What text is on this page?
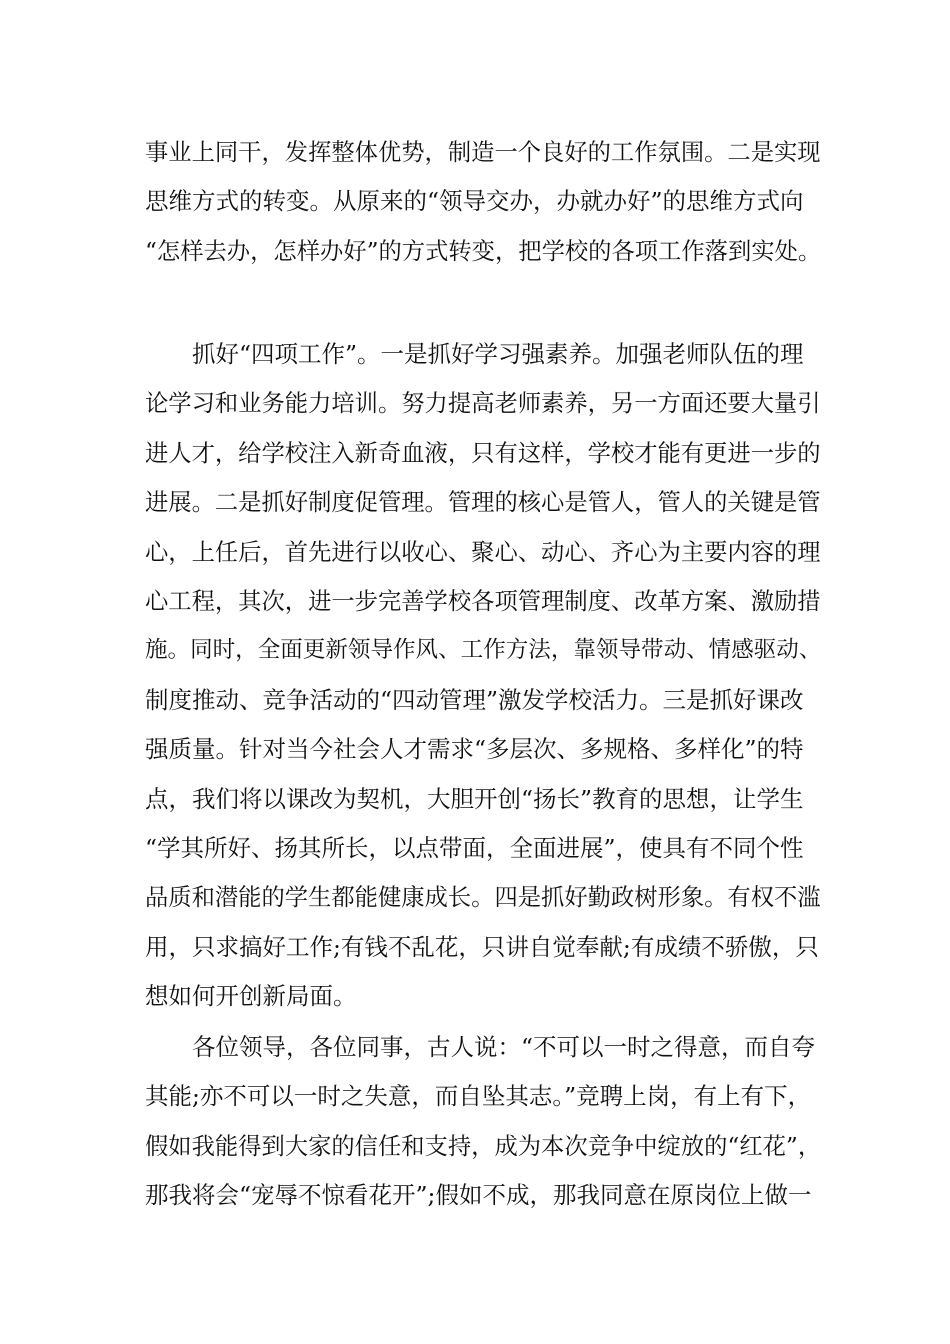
事业上同干，发挥整体优势，制造一个良好的工作氛围。二是实现
思维方式的转变。从原来的“领导交办，办就办好”的思维方式向
“怎样去办，怎样办好”的方式转变，把学校的各项工作落到实处。
抓好“四项工作”。一是抓好学习强素养。加强老师队伍的理
论学习和业务能力培训。努力提高老师素养，另一方面还要大量引
进人才，给学校注入新奇血液，只有这样，学校才能有更进一步的
进展。二是抓好制度促管理。管理的核心是管人，管人的关键是管
心，上任后，首先进行以收心、聚心、动心、齐心为主要内容的理
心工程，其次，进一步完善学校各项管理制度、改革方案、激励措
施。同时，全面更新领导作风、工作方法，靠领导带动、情感驱动、
制度推动、竞争活动的“四动管理”激发学校活力。三是抓好课改
强质量。针对当今社会人才需求“多层次、多规格、多样化”的特
点，我们将以课改为契机，大胆开创“扬长”教育的思想，让学生
“学其所好、扬其所长，以点带面，全面进展”，使具有不同个性
品质和潜能的学生都能健康成长。四是抓好勤政树形象。有权不滥
用，只求搞好工作;有钱不乱花，只讲自觉奉献;有成绩不骄傲，只
想如何开创新局面。
各位领导，各位同事，古人说：“不可以一时之得意，而自夸
其能;亦不可以一时之失意，而自坠其志。”竞聘上岗，有上有下，
假如我能得到大家的信任和支持，成为本次竞争中绽放的“红花”，
那我将会“宠辱不惊看花开”;假如不成，那我同意在原岗位上做一
